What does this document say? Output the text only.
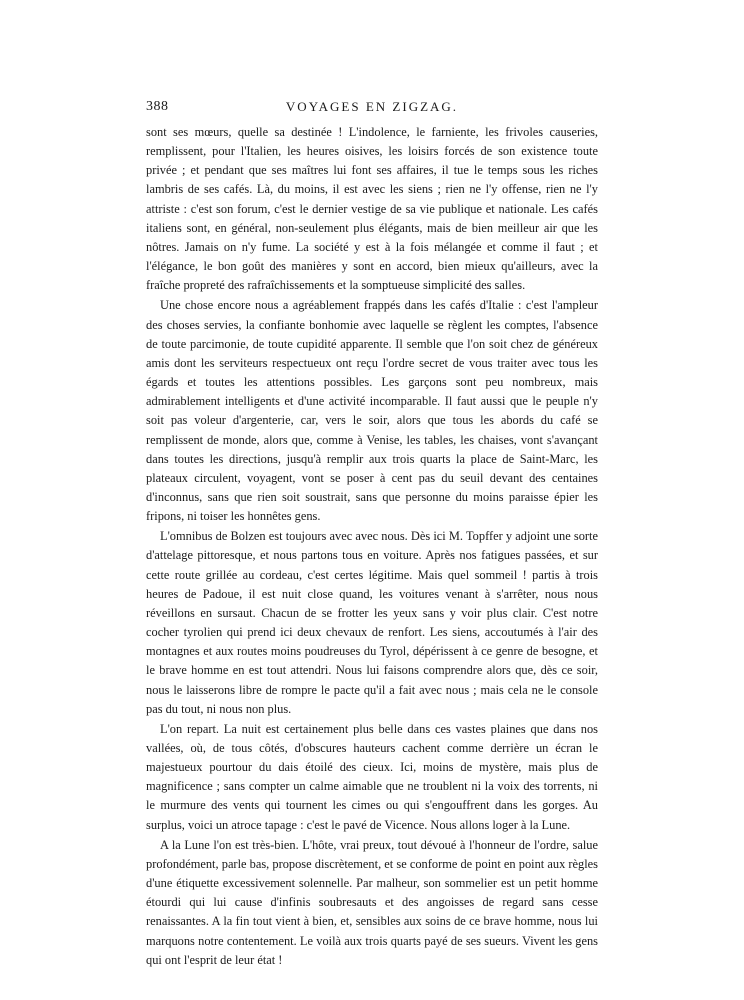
388	VOYAGES EN ZIGZAG.

sont ses mœurs, quelle sa destinée ! L'indolence, le farniente, les frivoles causeries, remplissent, pour l'Italien, les heures oisives, les loisirs forcés de son existence toute privée ; et pendant que ses maîtres lui font ses affaires, il tue le temps sous les riches lambris de ses cafés. Là, du moins, il est avec les siens ; rien ne l'y offense, rien ne l'y attriste : c'est son forum, c'est le dernier vestige de sa vie publique et nationale. Les cafés italiens sont, en général, non-seulement plus élégants, mais de bien meilleur air que les nôtres. Jamais on n'y fume. La société y est à la fois mélangée et comme il faut ; et l'élégance, le bon goût des manières y sont en accord, bien mieux qu'ailleurs, avec la fraîche propreté des rafraîchissements et la somptueuse simplicité des salles.

Une chose encore nous a agréablement frappés dans les cafés d'Italie : c'est l'ampleur des choses servies, la confiante bonhomie avec laquelle se règlent les comptes, l'absence de toute parcimonie, de toute cupidité apparente. Il semble que l'on soit chez de généreux amis dont les serviteurs respectueux ont reçu l'ordre secret de vous traiter avec tous les égards et toutes les attentions possibles. Les garçons sont peu nombreux, mais admirablement intelligents et d'une activité incomparable. Il faut aussi que le peuple n'y soit pas voleur d'argenterie, car, vers le soir, alors que tous les abords du café se remplissent de monde, alors que, comme à Venise, les tables, les chaises, vont s'avançant dans toutes les directions, jusqu'à remplir aux trois quarts la place de Saint-Marc, les plateaux circulent, voyagent, vont se poser à cent pas du seuil devant des centaines d'inconnus, sans que rien soit soustrait, sans que personne du moins paraisse épier les fripons, ni toiser les honnêtes gens.

L'omnibus de Bolzen est toujours avec avec nous. Dès ici M. Topffer y adjoint une sorte d'attelage pittoresque, et nous partons tous en voiture. Après nos fatigues passées, et sur cette route grillée au cordeau, c'est certes légitime. Mais quel sommeil ! partis à trois heures de Padoue, il est nuit close quand, les voitures venant à s'arrêter, nous nous réveillons en sursaut. Chacun de se frotter les yeux sans y voir plus clair. C'est notre cocher tyrolien qui prend ici deux chevaux de renfort. Les siens, accoutumés à l'air des montagnes et aux routes moins poudreuses du Tyrol, dépérissent à ce genre de besogne, et le brave homme en est tout attendri. Nous lui faisons comprendre alors que, dès ce soir, nous le laisserons libre de rompre le pacte qu'il a fait avec nous ; mais cela ne le console pas du tout, ni nous non plus.

L'on repart. La nuit est certainement plus belle dans ces vastes plaines que dans nos vallées, où, de tous côtés, d'obscures hauteurs cachent comme derrière un écran le majestueux pourtour du dais étoilé des cieux. Ici, moins de mystère, mais plus de magnificence ; sans compter un calme aimable que ne troublent ni la voix des torrents, ni le murmure des vents qui tournent les cimes ou qui s'engouffrent dans les gorges. Au surplus, voici un atroce tapage : c'est le pavé de Vicence. Nous allons loger à la Lune.

A la Lune l'on est très-bien. L'hôte, vrai preux, tout dévoué à l'honneur de l'ordre, salue profondément, parle bas, propose discrètement, et se conforme de point en point aux règles d'une étiquette excessivement solennelle. Par malheur, son sommelier est un petit homme étourdi qui lui cause d'infinis soubresauts et des angoisses de regard sans cesse renaissantes. A la fin tout vient à bien, et, sensibles aux soins de ce brave homme, nous lui marquons notre contentement. Le voilà aux trois quarts payé de ses sueurs. Vivent les gens qui ont l'esprit de leur état !
